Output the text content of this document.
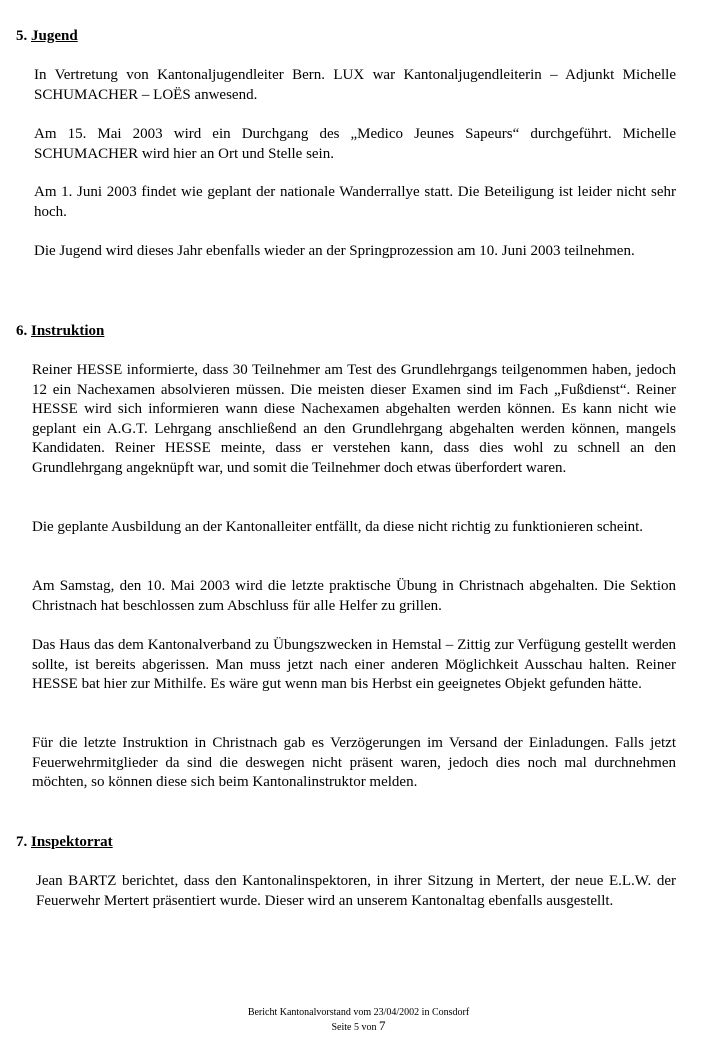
5. Jugend

In Vertretung von Kantonaljugendleiter Bern. LUX war Kantonaljugendleiterin – Adjunkt Michelle SCHUMACHER – LOËS anwesend.

Am 15. Mai 2003 wird ein Durchgang des „Medico Jeunes Sapeurs“ durchgeführt. Michelle SCHUMACHER wird hier an Ort und Stelle sein.

Am 1. Juni 2003 findet wie geplant der nationale Wanderrallye statt. Die Beteiligung ist leider nicht sehr hoch.

Die Jugend wird dieses Jahr ebenfalls wieder an der Springprozession am 10. Juni 2003 teilnehmen.

6. Instruktion

Reiner HESSE informierte, dass 30 Teilnehmer am Test des Grundlehrgangs teilgenommen haben, jedoch 12 ein Nachexamen absolvieren müssen. Die meisten dieser Examen sind im Fach „Fußdienst“. Reiner HESSE wird sich informieren wann diese Nachexamen abgehalten werden können. Es kann nicht wie geplant ein A.G.T. Lehrgang anschließend an den Grundlehrgang abgehalten werden können, mangels Kandidaten. Reiner HESSE meinte, dass er verstehen kann, dass dies wohl zu schnell an den Grundlehrgang angeknüpft war, und somit die Teilnehmer doch etwas überfordert waren.

Die geplante Ausbildung an der Kantonalleiter entfällt, da diese nicht richtig zu funktionieren scheint.

Am Samstag, den 10. Mai 2003 wird die letzte praktische Übung in Christnach abgehalten. Die Sektion Christnach hat beschlossen zum Abschluss für alle Helfer zu grillen.

Das Haus das dem Kantonalverband zu Übungszwecken in Hemstal – Zittig zur Verfügung gestellt werden sollte, ist bereits abgerissen. Man muss jetzt nach einer anderen Möglichkeit Ausschau halten. Reiner HESSE bat hier zur Mithilfe. Es wäre gut wenn man bis Herbst ein geeignetes Objekt gefunden hätte.

Für die letzte Instruktion in Christnach gab es Verzögerungen im Versand der Einladungen. Falls jetzt Feuerwehrmitglieder da sind die deswegen nicht präsent waren, jedoch dies noch mal durchnehmen möchten, so können diese sich beim Kantonalinstruktor melden.

7. Inspektorrat

Jean BARTZ berichtet, dass den Kantonalinspektoren, in ihrer Sitzung in Mertert, der neue E.L.W. der Feuerwehr Mertert präsentiert wurde. Dieser wird an unserem Kantonaltag ebenfalls ausgestellt.

Bericht Kantonalvorstand vom 23/04/2002 in Consdorf
Seite 5 von 7
